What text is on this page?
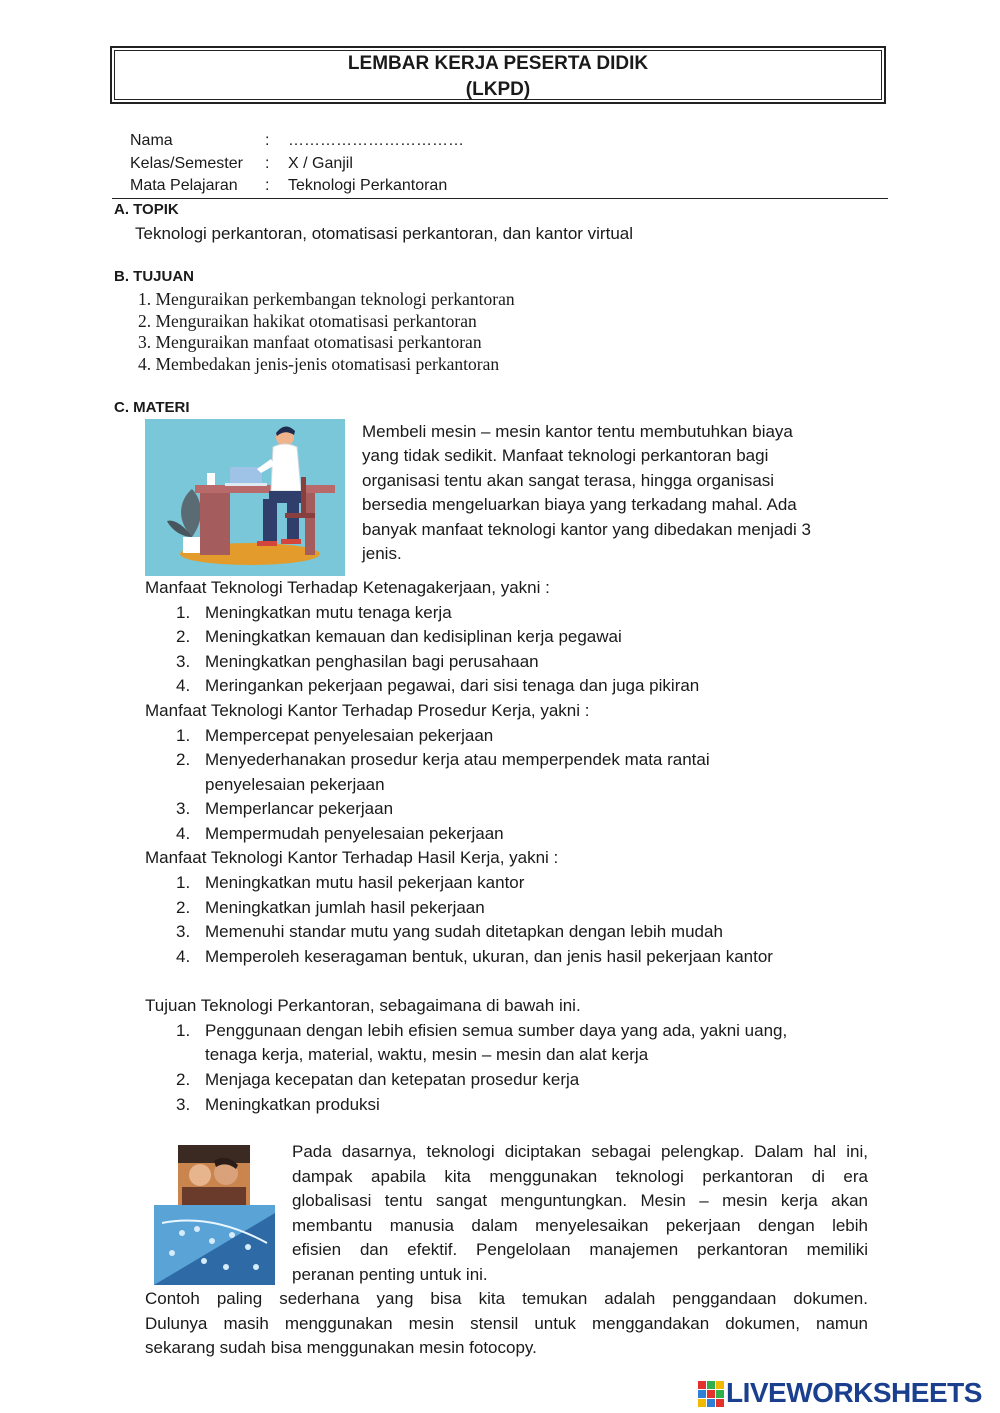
LEMBAR KERJA PESERTA DIDIK
(LKPD)
Nama	: ……………………………
Kelas/Semester : X / Ganjil
Mata Pelajaran : Teknologi Perkantoran
A. TOPIK
Teknologi perkantoran, otomatisasi perkantoran, dan kantor virtual
B. TUJUAN
1. Menguraikan perkembangan teknologi perkantoran
2. Menguraikan hakikat otomatisasi perkantoran
3. Menguraikan manfaat otomatisasi perkantoran
4. Membedakan jenis-jenis otomatisasi perkantoran
C. MATERI
Membeli mesin – mesin kantor tentu membutuhkan biaya
yang tidak sedikit. Manfaat teknologi perkantoran bagi
organisasi tentu akan sangat terasa, hingga organisasi
bersedia mengeluarkan biaya yang terkadang mahal. Ada
banyak manfaat teknologi kantor yang dibedakan menjadi 3
jenis.
Manfaat Teknologi Terhadap Ketenagakerjaan, yakni :
1. Meningkatkan mutu tenaga kerja
2. Meningkatkan kemauan dan kedisiplinan kerja pegawai
3. Meningkatkan penghasilan bagi perusahaan
4. Meringankan pekerjaan pegawai, dari sisi tenaga dan juga pikiran
Manfaat Teknologi Kantor Terhadap Prosedur Kerja, yakni :
1. Mempercepat penyelesaian pekerjaan
2. Menyederhanakan prosedur kerja atau memperpendek mata rantai
penyelesaian pekerjaan
3. Memperlancar pekerjaan
4. Mempermudah penyelesaian pekerjaan
Manfaat Teknologi Kantor Terhadap Hasil Kerja, yakni :
1. Meningkatkan mutu hasil pekerjaan kantor
2. Meningkatkan jumlah hasil pekerjaan
3. Memenuhi standar mutu yang sudah ditetapkan dengan lebih mudah
4. Memperoleh keseragaman bentuk, ukuran, dan jenis hasil pekerjaan kantor
Tujuan Teknologi Perkantoran, sebagaimana di bawah ini.
1. Penggunaan dengan lebih efisien semua sumber daya yang ada, yakni uang,
tenaga kerja, material, waktu, mesin – mesin dan alat kerja
2. Menjaga kecepatan dan ketepatan prosedur kerja
3. Meningkatkan produksi
Pada dasarnya, teknologi diciptakan sebagai pelengkap. Dalam hal ini,
dampak apabila kita menggunakan teknologi perkantoran di era
globalisasi tentu sangat menguntungkan. Mesin – mesin kerja akan
membantu manusia dalam menyelesaikan pekerjaan dengan lebih
efisien dan efektif. Pengelolaan manajemen perkantoran memiliki
peranan penting untuk ini.
Contoh paling sederhana yang bisa kita temukan adalah penggandaan dokumen.
Dulunya masih menggunakan mesin stensil untuk menggandakan dokumen, namun
sekarang sudah bisa menggunakan mesin fotocopy.
LIVEWORKSHEETS
